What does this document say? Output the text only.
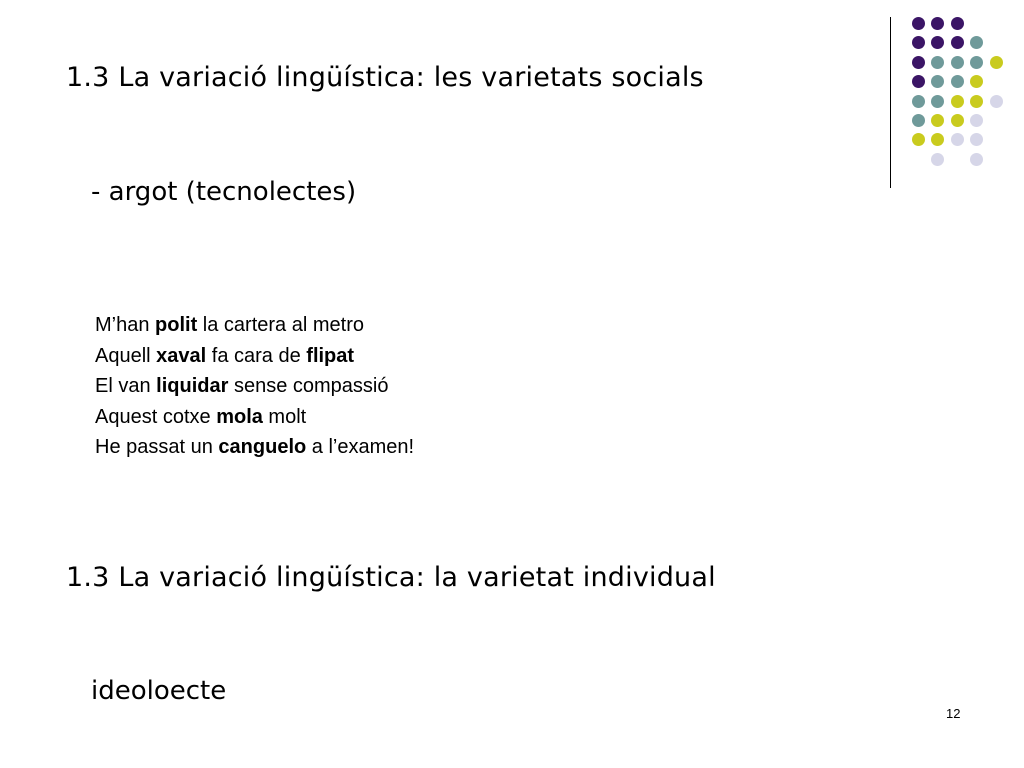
1.3 La variació lingüística: les varietats socials
- argot (tecnolectes)
M’han polit la cartera al metro
Aquell xaval fa cara de flipat
El van liquidar sense compassió
Aquest cotxe mola molt
He passat un canguelo a l’examen!
1.3 La variació lingüística: la varietat individual
ideoloecte
12
